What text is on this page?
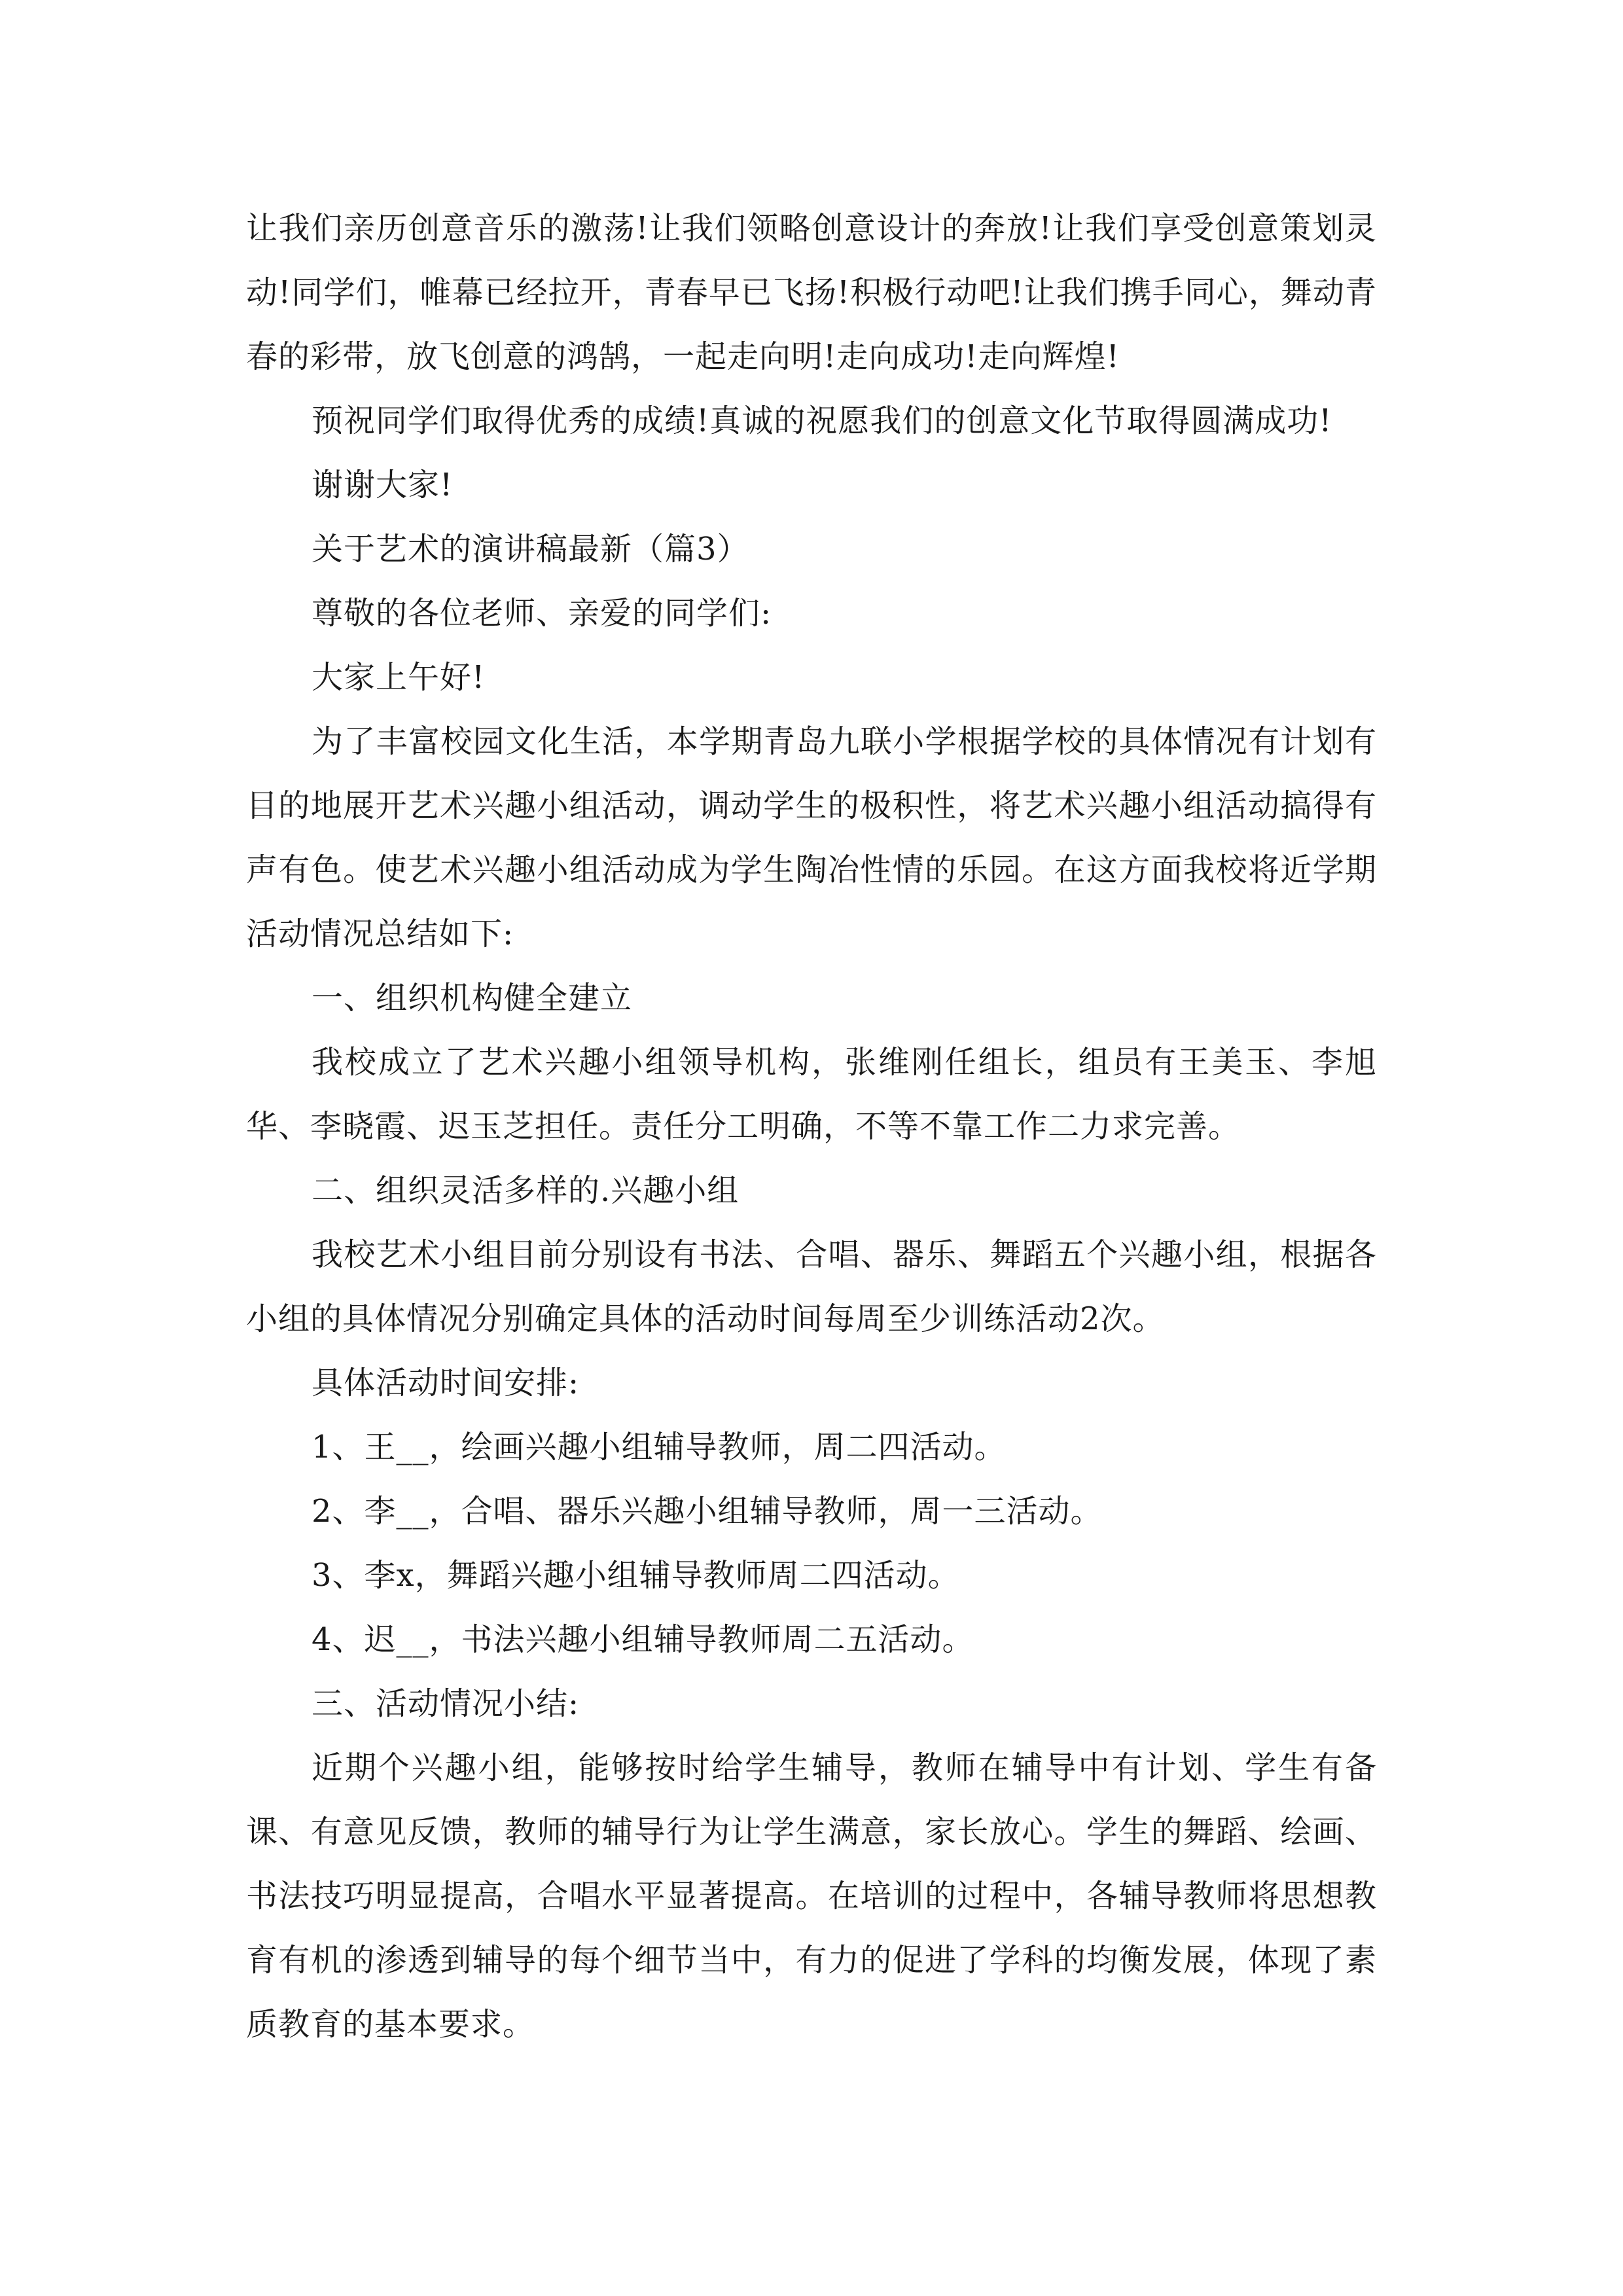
让我们亲历创意音乐的激荡!让我们领略创意设计的奔放!让我们享受创意策划灵动!同学们，帷幕已经拉开，青春早已飞扬!积极行动吧!让我们携手同心，舞动青春的彩带，放飞创意的鸿鹄，一起走向明!走向成功!走向辉煌!

预祝同学们取得优秀的成绩!真诚的祝愿我们的创意文化节取得圆满成功!

谢谢大家!

关于艺术的演讲稿最新（篇3）

尊敬的各位老师、亲爱的同学们:

大家上午好!

为了丰富校园文化生活，本学期青岛九联小学根据学校的具体情况有计划有目的地展开艺术兴趣小组活动，调动学生的极积性，将艺术兴趣小组活动搞得有声有色。使艺术兴趣小组活动成为学生陶冶性情的乐园。在这方面我校将近学期活动情况总结如下:

一、组织机构健全建立

我校成立了艺术兴趣小组领导机构，张维刚任组长，组员有王美玉、李旭华、李晓霞、迟玉芝担任。责任分工明确，不等不靠工作二力求完善。

二、组织灵活多样的.兴趣小组

我校艺术小组目前分别设有书法、合唱、器乐、舞蹈五个兴趣小组，根据各小组的具体情况分别确定具体的活动时间每周至少训练活动2次。

具体活动时间安排:

1、王__，绘画兴趣小组辅导教师，周二四活动。

2、李__，合唱、器乐兴趣小组辅导教师，周一三活动。

3、李x，舞蹈兴趣小组辅导教师周二四活动。

4、迟__，书法兴趣小组辅导教师周二五活动。

三、活动情况小结:

近期个兴趣小组，能够按时给学生辅导，教师在辅导中有计划、学生有备课、有意见反馈，教师的辅导行为让学生满意，家长放心。学生的舞蹈、绘画、书法技巧明显提高，合唱水平显著提高。在培训的过程中，各辅导教师将思想教育有机的渗透到辅导的每个细节当中，有力的促进了学科的均衡发展，体现了素质教育的基本要求。
